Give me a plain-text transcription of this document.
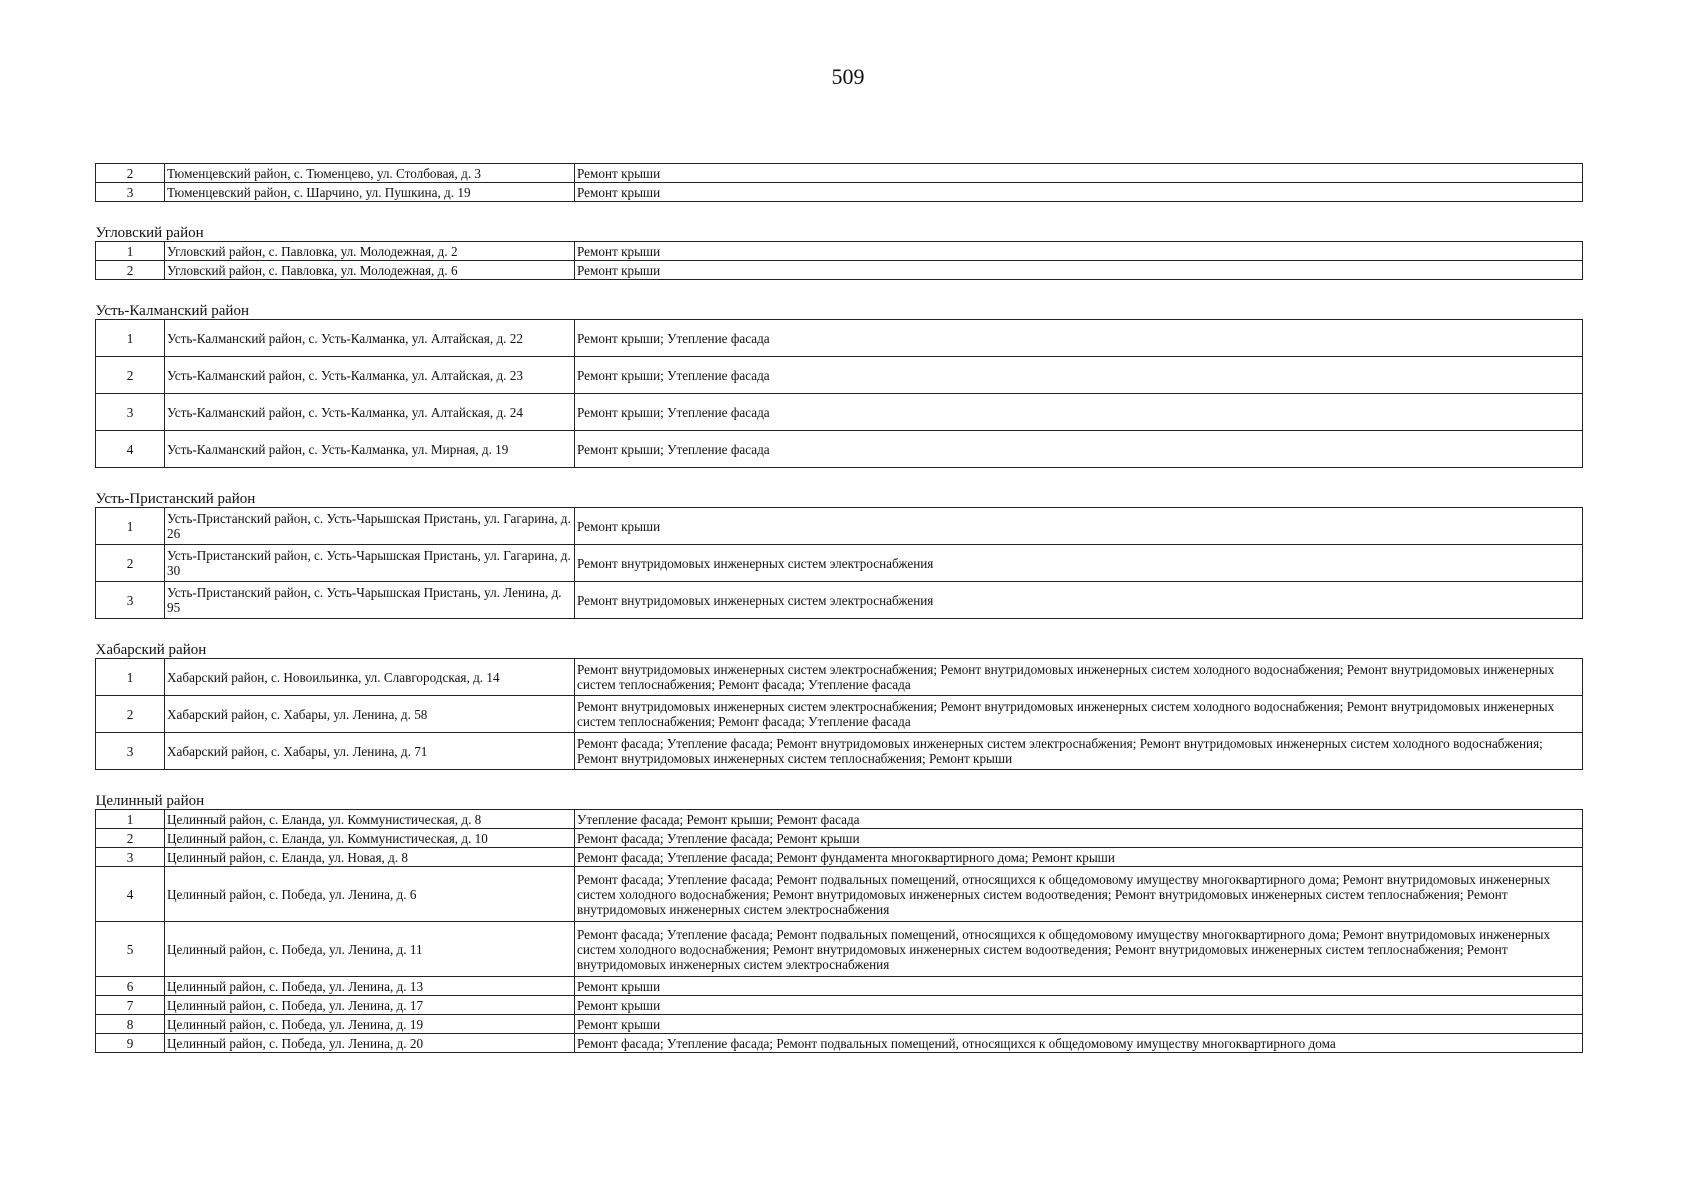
509
2	Тюменцевский район, с. Тюменцево, ул. Столбовая, д. 3	Ремонт крыши
3	Тюменцевский район, с. Шарчино, ул. Пушкина, д. 19	Ремонт крыши
Угловский район		
1	Угловский район, с. Павловка, ул. Молодежная, д. 2	Ремонт крыши
2	Угловский район, с. Павловка, ул. Молодежная, д. 6	Ремонт крыши
Усть-Калманский район		
1	Усть-Калманский район, с. Усть-Калманка, ул. Алтайская, д. 22	Ремонт крыши; Утепление фасада
2	Усть-Калманский район, с. Усть-Калманка, ул. Алтайская, д. 23	Ремонт крыши; Утепление фасада
3	Усть-Калманский район, с. Усть-Калманка, ул. Алтайская, д. 24	Ремонт крыши; Утепление фасада
4	Усть-Калманский район, с. Усть-Калманка, ул. Мирная, д. 19	Ремонт крыши; Утепление фасада
Усть-Пристанский район		
1	Усть-Пристанский район, с. Усть-Чарышская Пристань, ул. Гагарина, д. 26	Ремонт крыши
2	Усть-Пристанский район, с. Усть-Чарышская Пристань, ул. Гагарина, д. 30	Ремонт внутридомовых инженерных систем электроснабжения
3	Усть-Пристанский район, с. Усть-Чарышская Пристань, ул. Ленина, д. 95	Ремонт внутридомовых инженерных систем электроснабжения
Хабарский район		
1	Хабарский район, с. Новоильинка, ул. Славгородская, д. 14	Ремонт внутридомовых инженерных систем электроснабжения; Ремонт внутридомовых инженерных систем холодного водоснабжения; Ремонт внутридомовых инженерных систем теплоснабжения; Ремонт фасада; Утепление фасада
2	Хабарский район, с. Хабары, ул. Ленина, д. 58	Ремонт внутридомовых инженерных систем электроснабжения; Ремонт внутридомовых инженерных систем холодного водоснабжения; Ремонт внутридомовых инженерных систем теплоснабжения; Ремонт фасада; Утепление фасада
3	Хабарский район, с. Хабары, ул. Ленина, д. 71	Ремонт фасада; Утепление фасада; Ремонт внутридомовых инженерных систем электроснабжения; Ремонт внутридомовых инженерных систем холодного водоснабжения; Ремонт внутридомовых инженерных систем теплоснабжения; Ремонт крыши
Целинный район		
1	Целинный район, с. Еланда, ул. Коммунистическая, д. 8	Утепление фасада; Ремонт крыши; Ремонт фасада
2	Целинный район, с. Еланда, ул. Коммунистическая, д. 10	Ремонт фасада; Утепление фасада; Ремонт крыши
3	Целинный район, с. Еланда, ул. Новая, д. 8	Ремонт фасада; Утепление фасада; Ремонт фундамента многоквартирного дома; Ремонт крыши
4	Целинный район, с. Победа, ул. Ленина, д. 6	Ремонт фасада; Утепление фасада; Ремонт подвальных помещений, относящихся к общедомовому имуществу многоквартирного дома; Ремонт внутридомовых инженерных систем холодного водоснабжения; Ремонт внутридомовых инженерных систем водоотведения; Ремонт внутридомовых инженерных систем теплоснабжения; Ремонт внутридомовых инженерных систем электроснабжения
5	Целинный район, с. Победа, ул. Ленина, д. 11	Ремонт фасада; Утепление фасада; Ремонт подвальных помещений, относящихся к общедомовому имуществу многоквартирного дома; Ремонт внутридомовых инженерных систем холодного водоснабжения; Ремонт внутридомовых инженерных систем водоотведения; Ремонт внутридомовых инженерных систем теплоснабжения; Ремонт внутридомовых инженерных систем электроснабжения
6	Целинный район, с. Победа, ул. Ленина, д. 13	Ремонт крыши
7	Целинный район, с. Победа, ул. Ленина, д. 17	Ремонт крыши
8	Целинный район, с. Победа, ул. Ленина, д. 19	Ремонт крыши
9	Целинный район, с. Победа, ул. Ленина, д. 20	Ремонт фасада; Утепление фасада; Ремонт подвальных помещений, относящихся к общедомовому имуществу многоквартирного дома
